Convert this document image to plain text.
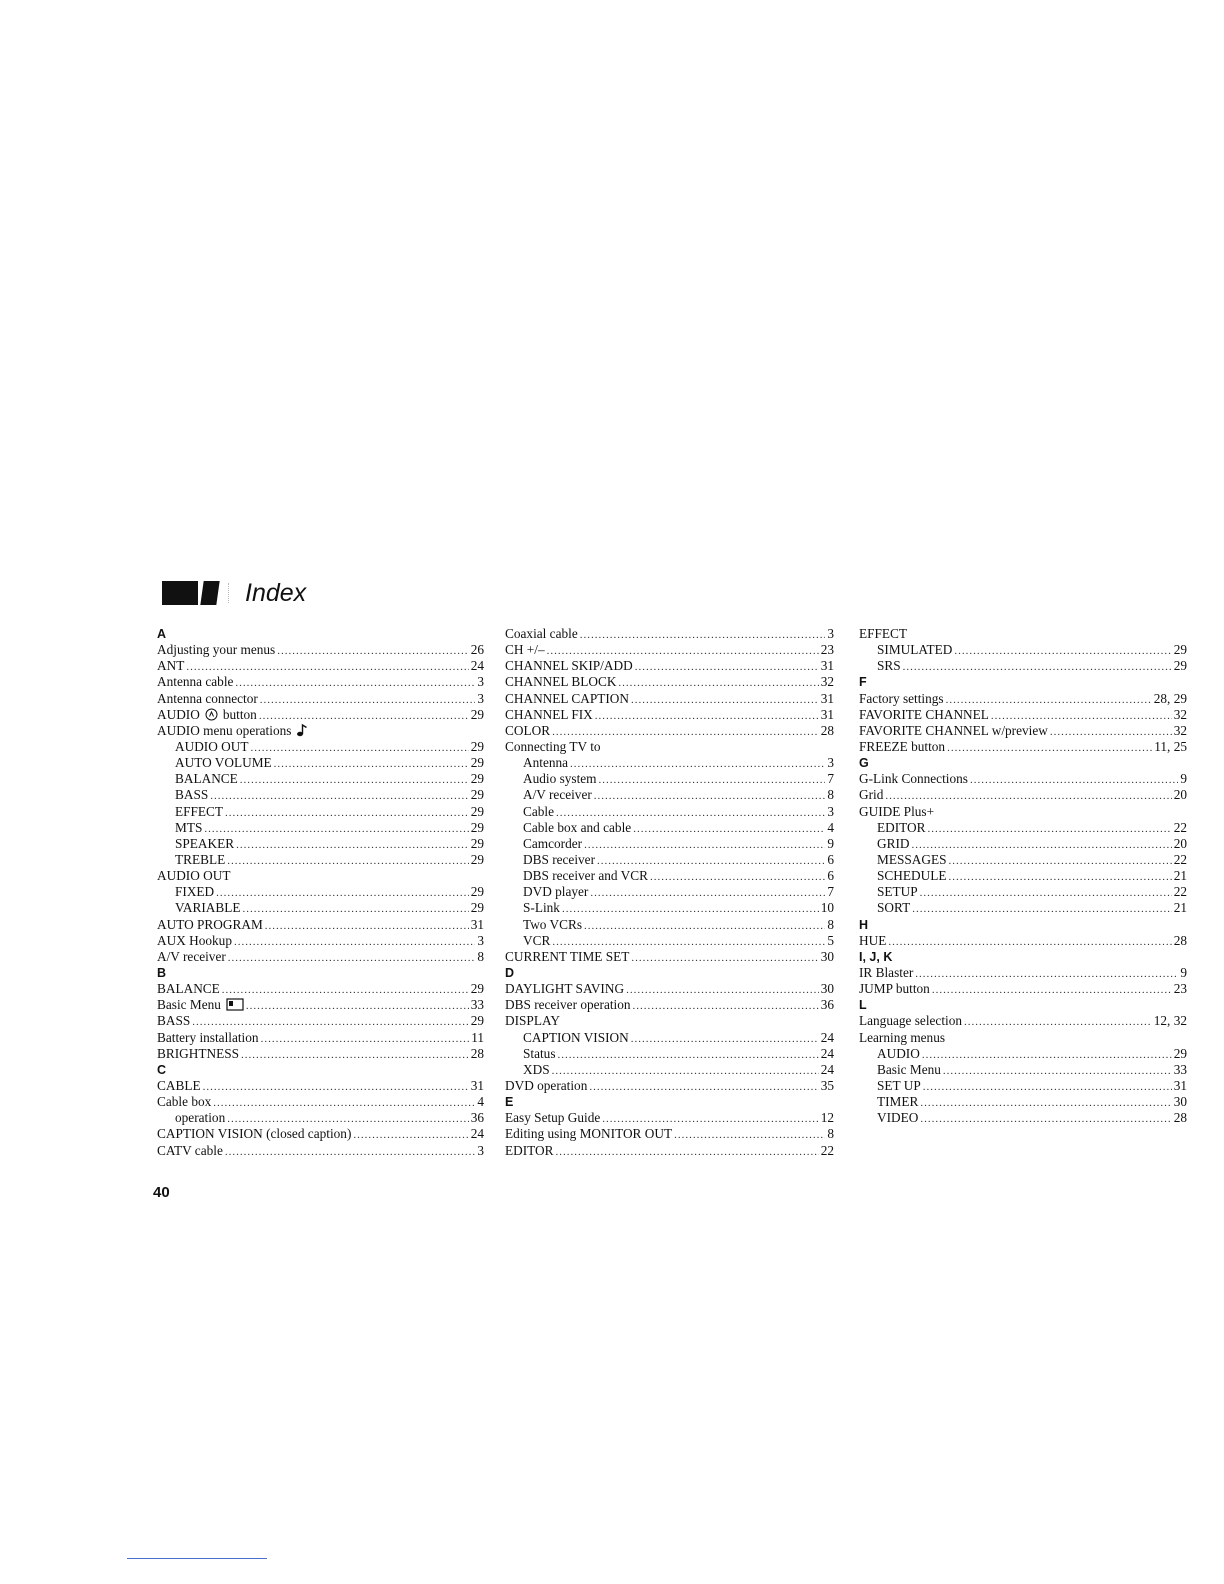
Index
A
Adjusting your menus .....	26
ANT .....	24
Antenna cable .....	3
Antenna connector .....	3
AUDIO button .....	29
AUDIO menu operations
AUDIO OUT .....	29
AUTO VOLUME .....	29
BALANCE .....	29
BASS .....	29
EFFECT .....	29
MTS .....	29
SPEAKER .....	29
TREBLE .....	29
AUDIO OUT
FIXED .....	29
VARIABLE .....	29
AUTO PROGRAM .....	31
AUX Hookup .....	3
A/V receiver .....	8
B
BALANCE .....	29
Basic Menu .....	33
BASS .....	29
Battery installation .....	11
BRIGHTNESS .....	28
C
CABLE .....	31
Cable box .....	4
operation .....	36
CAPTION VISION (closed caption) .....	24
CATV cable .....	3
Coaxial cable .....	3
CH +/– .....	23
CHANNEL SKIP/ADD .....	31
CHANNEL BLOCK .....	32
CHANNEL CAPTION .....	31
CHANNEL FIX .....	31
COLOR .....	28
Connecting TV to
Antenna .....	3
Audio system .....	7
A/V receiver .....	8
Cable .....	3
Cable box and cable .....	4
Camcorder .....	9
DBS receiver .....	6
DBS receiver and VCR .....	6
DVD player .....	7
S-Link .....	10
Two VCRs .....	8
VCR .....	5
CURRENT TIME SET .....	30
D
DAYLIGHT SAVING .....	30
DBS receiver operation .....	36
DISPLAY
CAPTION VISION .....	24
Status .....	24
XDS .....	24
DVD operation .....	35
E
Easy Setup Guide .....	12
Editing using MONITOR OUT .....	8
EDITOR .....	22
EFFECT
SIMULATED .....	29
SRS .....	29
F
Factory settings .....	28, 29
FAVORITE CHANNEL .....	32
FAVORITE CHANNEL w/preview .....	32
FREEZE button .....	11, 25
G
G-Link Connections .....	9
Grid .....	20
GUIDE Plus+
EDITOR .....	22
GRID .....	20
MESSAGES .....	22
SCHEDULE .....	21
SETUP .....	22
SORT .....	21
H
HUE .....	28
I, J, K
IR Blaster .....	9
JUMP button .....	23
L
Language selection .....	12, 32
Learning menus
AUDIO .....	29
Basic Menu .....	33
SET UP .....	31
TIMER .....	30
VIDEO .....	28
40
